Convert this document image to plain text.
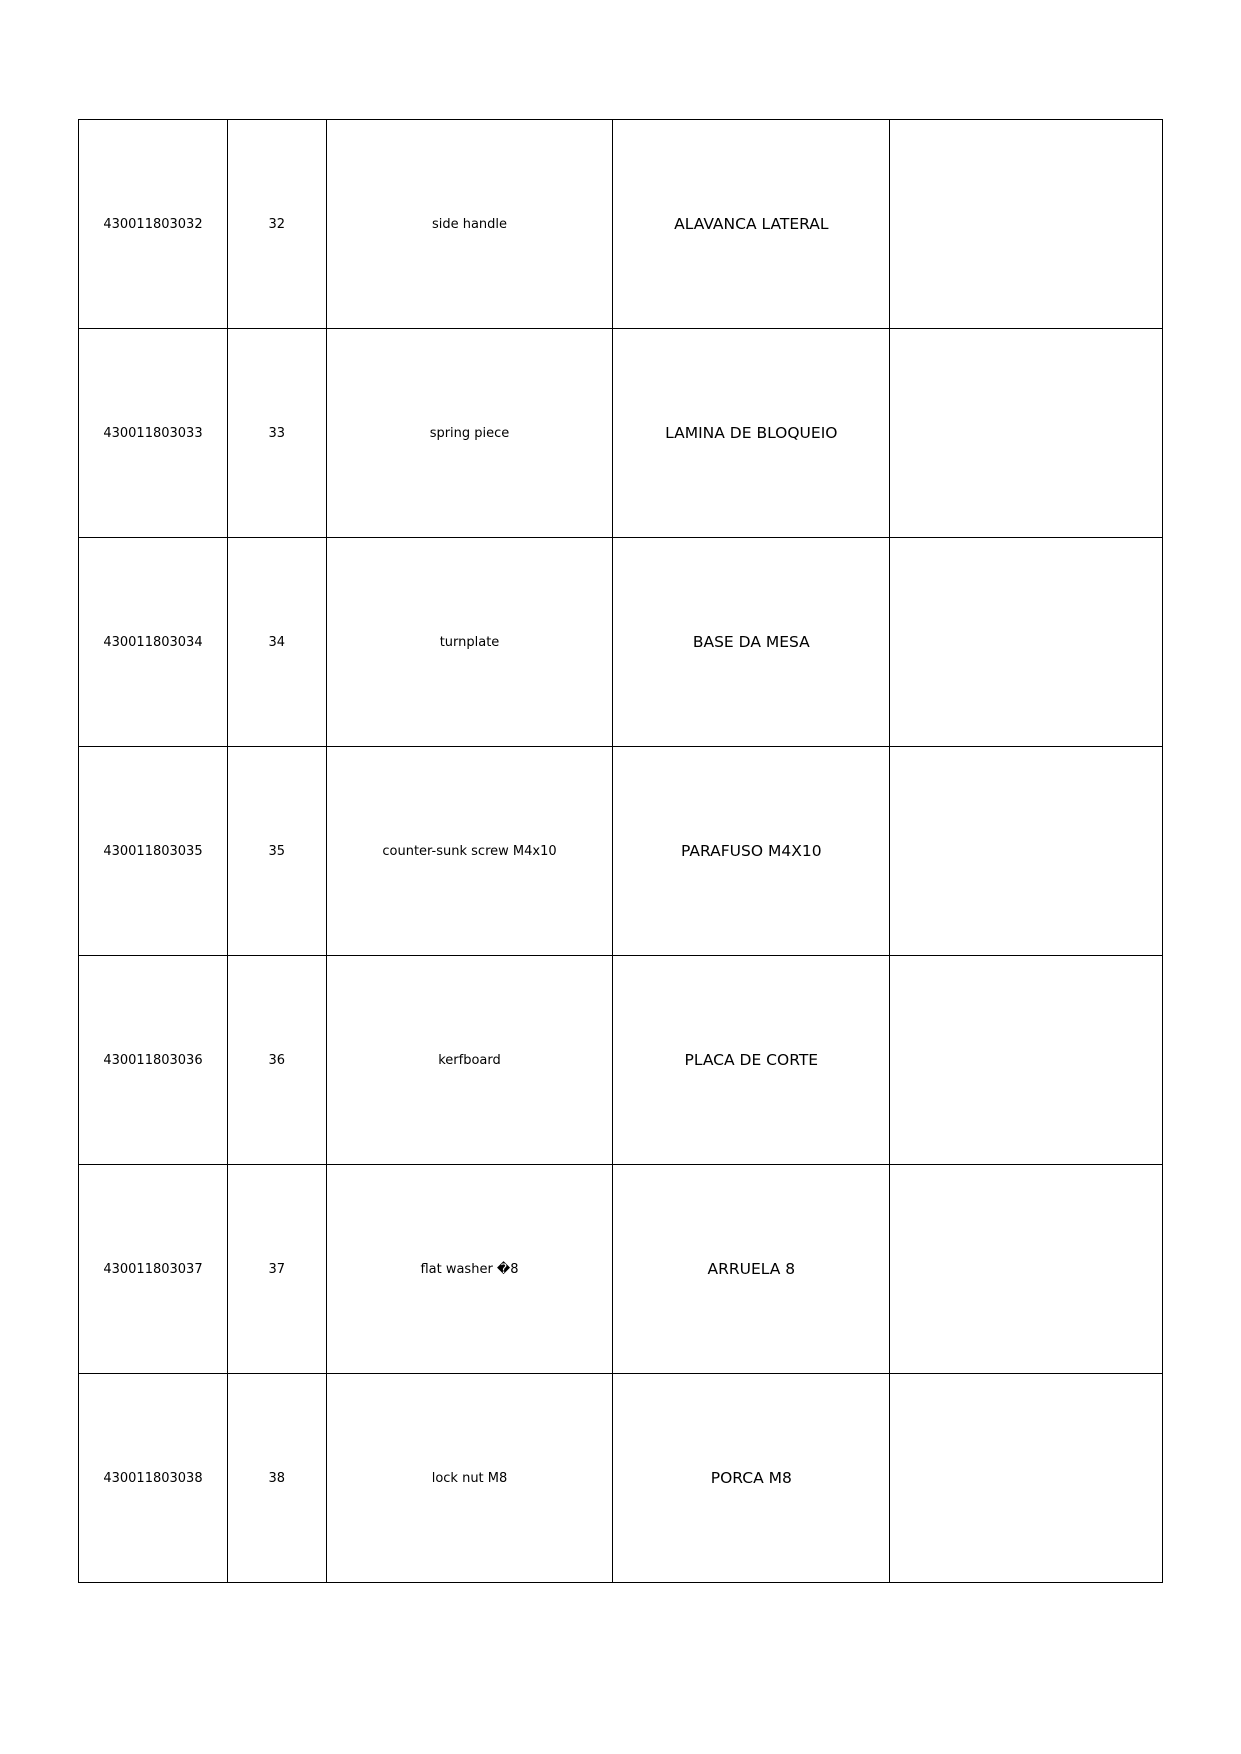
430011803032	32	side handle	ALAVANCA LATERAL	
430011803033	33	spring piece	LAMINA DE BLOQUEIO	
430011803034	34	turnplate	BASE DA MESA	
430011803035	35	counter-sunk screw M4x10	PARAFUSO M4X10	
430011803036	36	kerfboard	PLACA DE CORTE	
430011803037	37	flat washer �8	ARRUELA 8	
430011803038	38	lock nut M8	PORCA M8	
